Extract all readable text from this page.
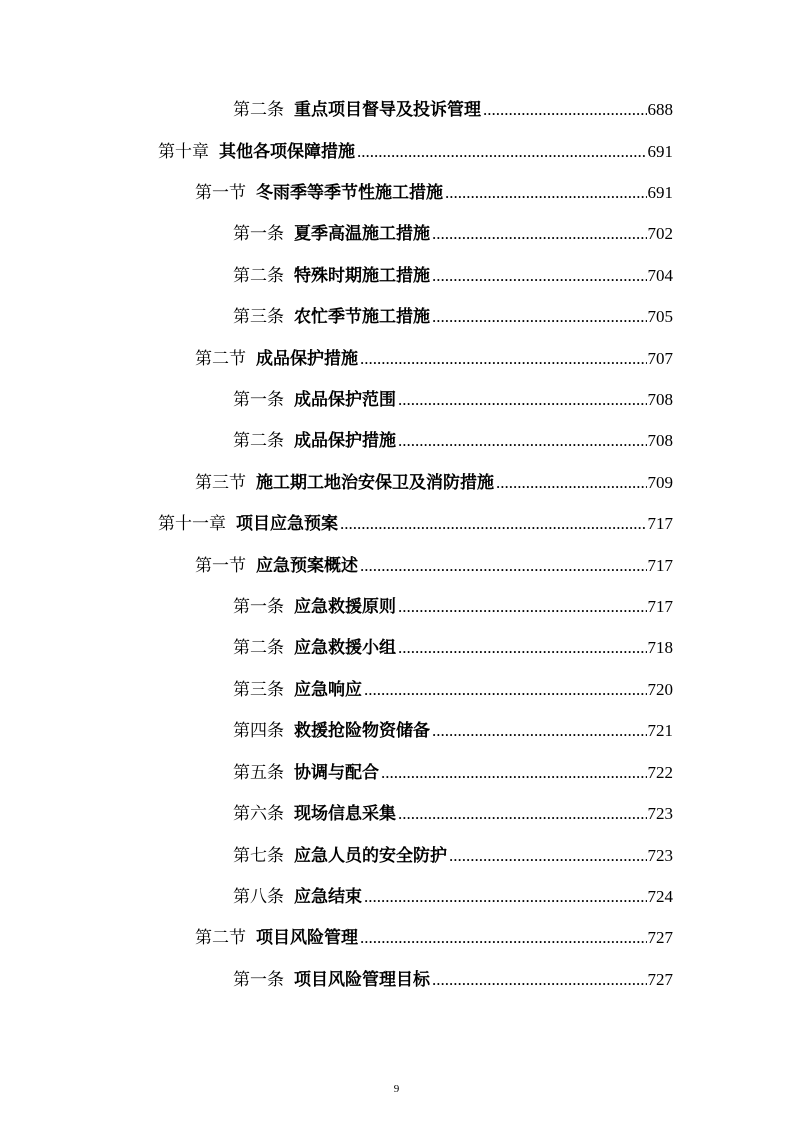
第二条 重点项目督导及投诉管理 .....	688
第十章 其他各项保障措施 .....	691
第一节 冬雨季等季节性施工措施 .....	691
第一条 夏季高温施工措施 .....	702
第二条 特殊时期施工措施 .....	704
第三条 农忙季节施工措施 .....	705
第二节 成品保护措施 .....	707
第一条 成品保护范围 .....	708
第二条 成品保护措施 .....	708
第三节 施工期工地治安保卫及消防措施 .....	709
第十一章 项目应急预案 .....	717
第一节 应急预案概述 .....	717
第一条 应急救援原则 .....	717
第二条 应急救援小组 .....	718
第三条 应急响应 .....	720
第四条 救援抢险物资储备 .....	721
第五条 协调与配合 .....	722
第六条 现场信息采集 .....	723
第七条 应急人员的安全防护 .....	723
第八条 应急结束 .....	724
第二节 项目风险管理 .....	727
第一条 项目风险管理目标 .....	727
9
